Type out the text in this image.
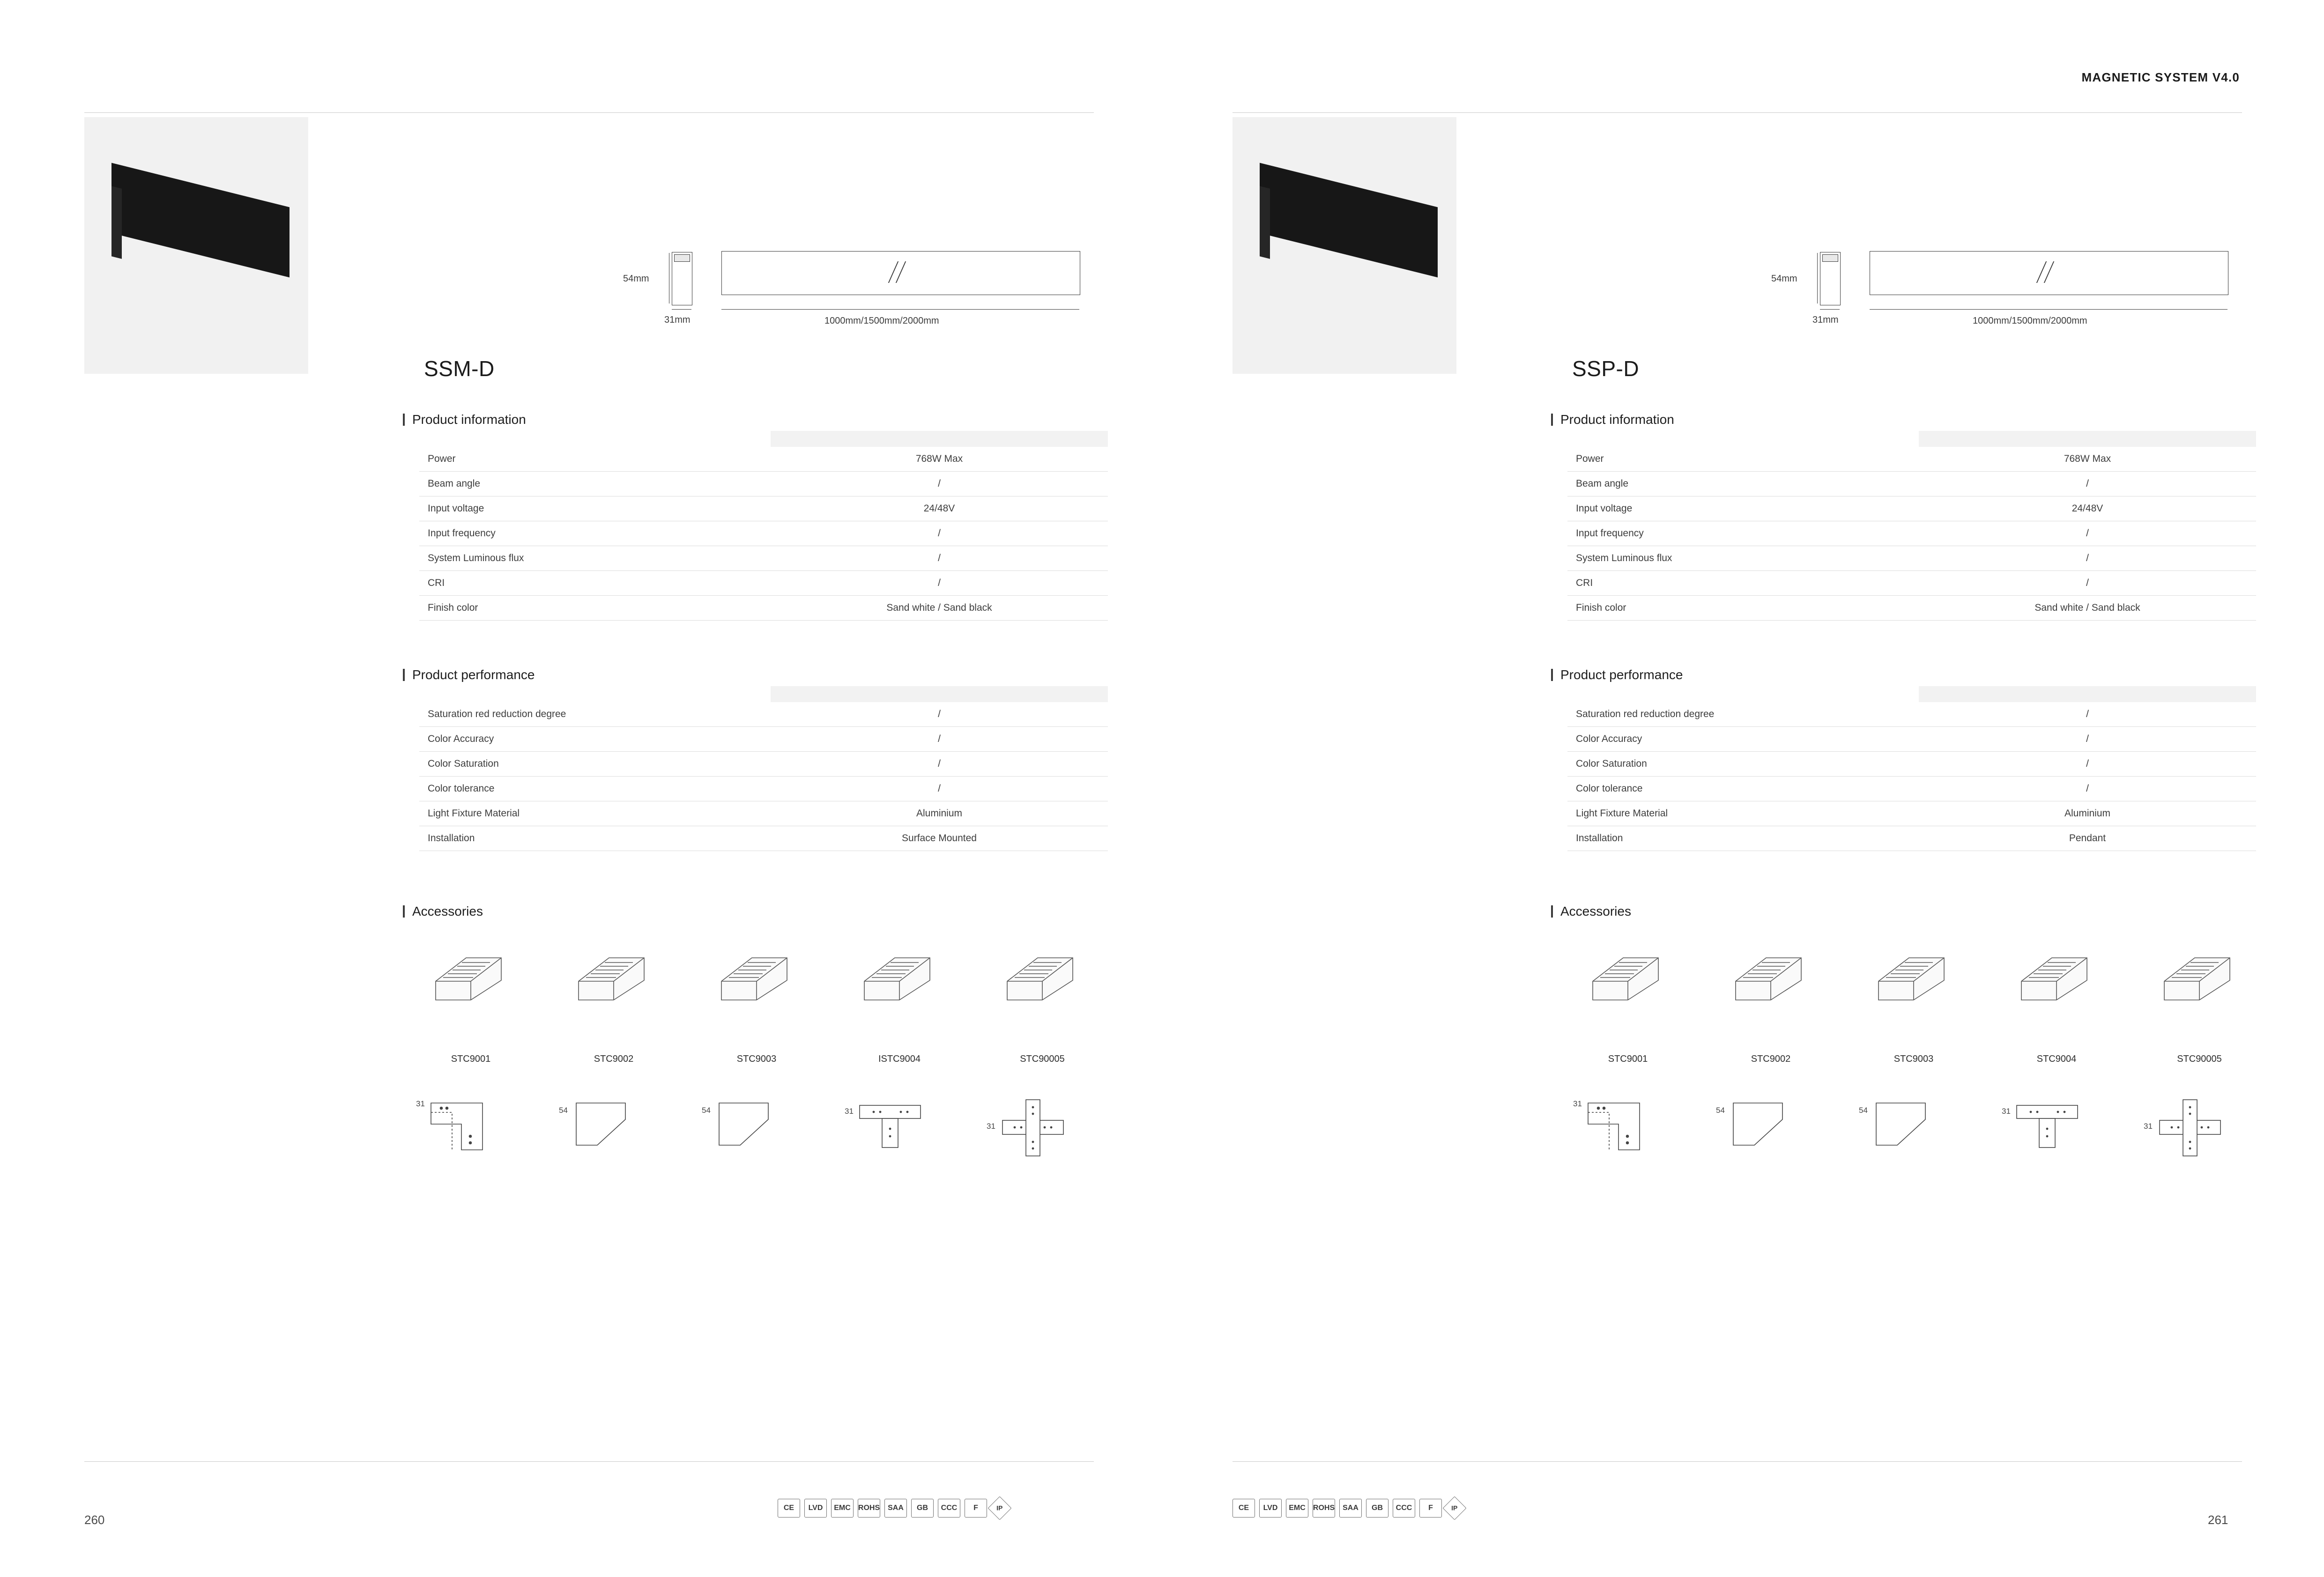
54mm
31mm	1000mm/1500mm/2000mm
SSM-D
Product information

Power	768W Max
Beam angle	/
Input voltage	24/48V
Input frequency	/
System Luminous flux	/
CRI	/
Finish color	Sand white / Sand black
Product performance

Saturation red reduction degree	/
Color Accuracy	/
Color Saturation	/
Color tolerance	/
Light Fixture Material	Aluminium
Installation	Surface Mounted
Accessories
STC9001
31
STC9002
54
STC9003
54
ISTC9004
31
STC90005
31
260
CE LVD EMC ROHS SAA GB CCC F	IP
MAGNETIC SYSTEM V4.0
54mm
31mm	1000mm/1500mm/2000mm
SSP-D
Product information

Power	768W Max
Beam angle	/
Input voltage	24/48V
Input frequency	/
System Luminous flux	/
CRI	/
Finish color	Sand white / Sand black
Product performance

Saturation red reduction degree	/
Color Accuracy	/
Color Saturation	/
Color tolerance	/
Light Fixture Material	Aluminium
Installation	Pendant
Accessories
STC9001
31
STC9002
54
STC9003
54
STC9004
31
STC90005
31
261
CE LVD EMC ROHS SAA GB CCC F	IP
